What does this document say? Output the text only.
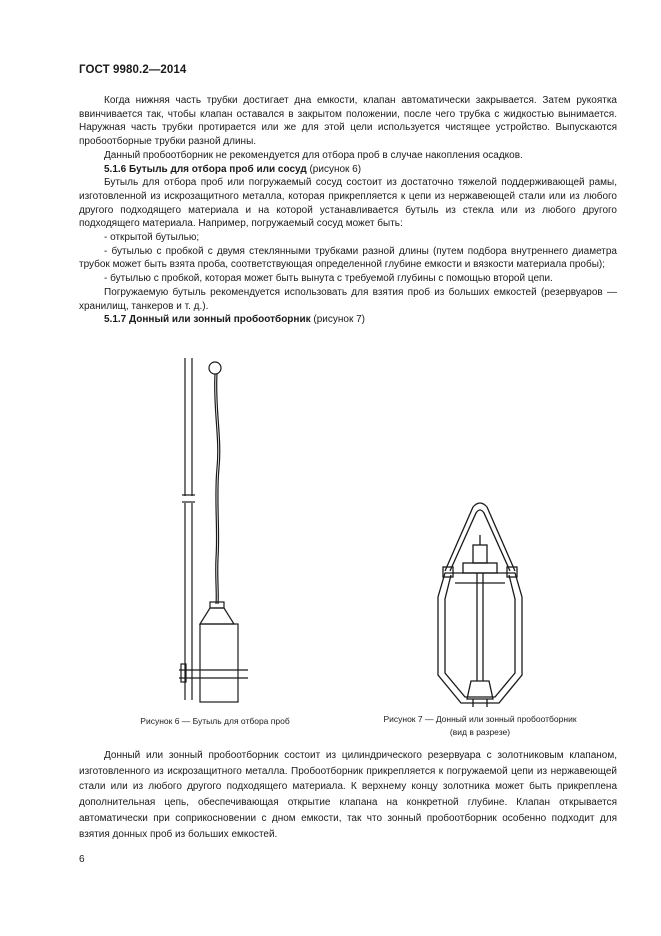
ГОСТ 9980.2—2014

Когда нижняя часть трубки достигает дна емкости, клапан автоматически закрывается. Затем рукоятка ввинчивается так, чтобы клапан оставался в закрытом положении, после чего трубка с жидкостью вынимается. Наружная часть трубки протирается или же для этой цели используется чистящее устройство. Выпускаются пробоотборные трубки разной длины.

Данный пробоотборник не рекомендуется для отбора проб в случае накопления осадков.

5.1.6 Бутыль для отбора проб или сосуд (рисунок 6)

Бутыль для отбора проб или погружаемый сосуд состоит из достаточно тяжелой поддерживающей рамы, изготовленной из искрозащитного металла, которая прикрепляется к цепи из нержавеющей стали или из любого другого подходящего материала и на которой устанавливается бутыль из стекла или из любого другого подходящего материала. Например, погружаемый сосуд может быть:

- открытой бутылью;

- бутылью с пробкой с двумя стеклянными трубками разной длины (путем подбора внутреннего диаметра трубок может быть взята проба, соответствующая определенной глубине емкости и вязкости материала пробы);

- бутылью с пробкой, которая может быть вынута с требуемой глубины с помощью второй цепи.

Погружаемую бутыль рекомендуется использовать для взятия проб из больших емкостей (резервуаров — хранилищ, танкеров и т. д.).

5.1.7 Донный или зонный пробоотборник (рисунок 7)

Рисунок 6 — Бутыль для отбора проб	Рисунок 7 — Донный или зонный пробоотборник
(вид в разрезе)

Донный или зонный пробоотборник состоит из цилиндрического резервуара с золотниковым клапаном, изготовленного из искрозащитного металла. Пробоотборник прикрепляется к погружаемой цепи из нержавеющей стали или из любого другого подходящего материала. К верхнему концу золотника может быть прикреплена дополнительная цепь, обеспечивающая открытие клапана на конкретной глубине. Клапан открывается автоматически при соприкосновении с дном емкости, так что зонный пробоотборник особенно подходит для взятия донных проб из больших емкостей.

6
